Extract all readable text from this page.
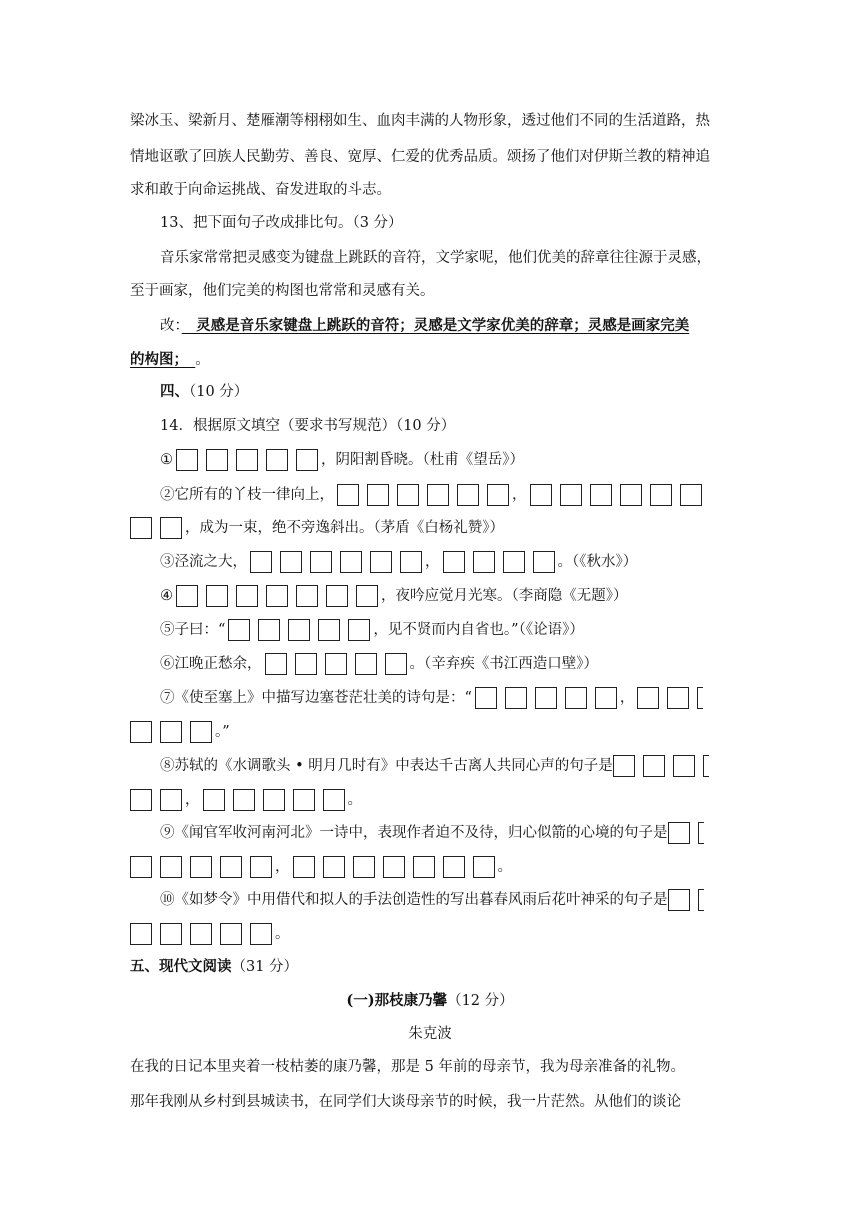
梁冰玉、梁新月、楚雁潮等栩栩如生、血肉丰满的人物形象，透过他们不同的生活道路，热
情地讴歌了回族人民勤劳、善良、宽厚、仁爱的优秀品质。颂扬了他们对伊斯兰教的精神追
求和敢于向命运挑战、奋发进取的斗志。
13、把下面句子改成排比句。（3 分）
音乐家常常把灵感变为键盘上跳跃的音符，文学家呢，他们优美的辞章往往源于灵感，
至于画家，他们完美的构图也常常和灵感有关。
改：　灵感是音乐家键盘上跳跃的音符；灵感是文学家优美的辞章；灵感是画家完美
的构图；　。
四、（10 分）
14．根据原文填空（要求书写规范）（10 分）
①	，阴阳割昏晓。（杜甫《望岳》）
②它所有的丫枝一律向上，	，
，成为一束，绝不旁逸斜出。（茅盾《白杨礼赞》）
③泾流之大，	，	。（《秋水》）
④	，夜吟应觉月光寒。（李商隐《无题》）
⑤子曰：“	，见不贤而内自省也。”（《论语》）
⑥江晚正愁余，	。（辛弃疾《书江西造口壁》）
⑦《使至塞上》中描写边塞苍茫壮美的诗句是：“	，
。”
⑧苏轼的《水调歌头 • 明月几时有》中表达千古离人共同心声的句子是
，	。
⑨《闻官军收河南河北》一诗中，表现作者迫不及待，归心似箭的心境的句子是
，	。
⑩《如梦令》中用借代和拟人的手法创造性的写出暮春风雨后花叶神采的句子是
。
五、现代文阅读（31 分）
(一)那枝康乃馨（12 分）
朱克波
在我的日记本里夹着一枝枯萎的康乃馨，那是 5 年前的母亲节，我为母亲准备的礼物。
那年我刚从乡村到县城读书，在同学们大谈母亲节的时候，我一片茫然。从他们的谈论
